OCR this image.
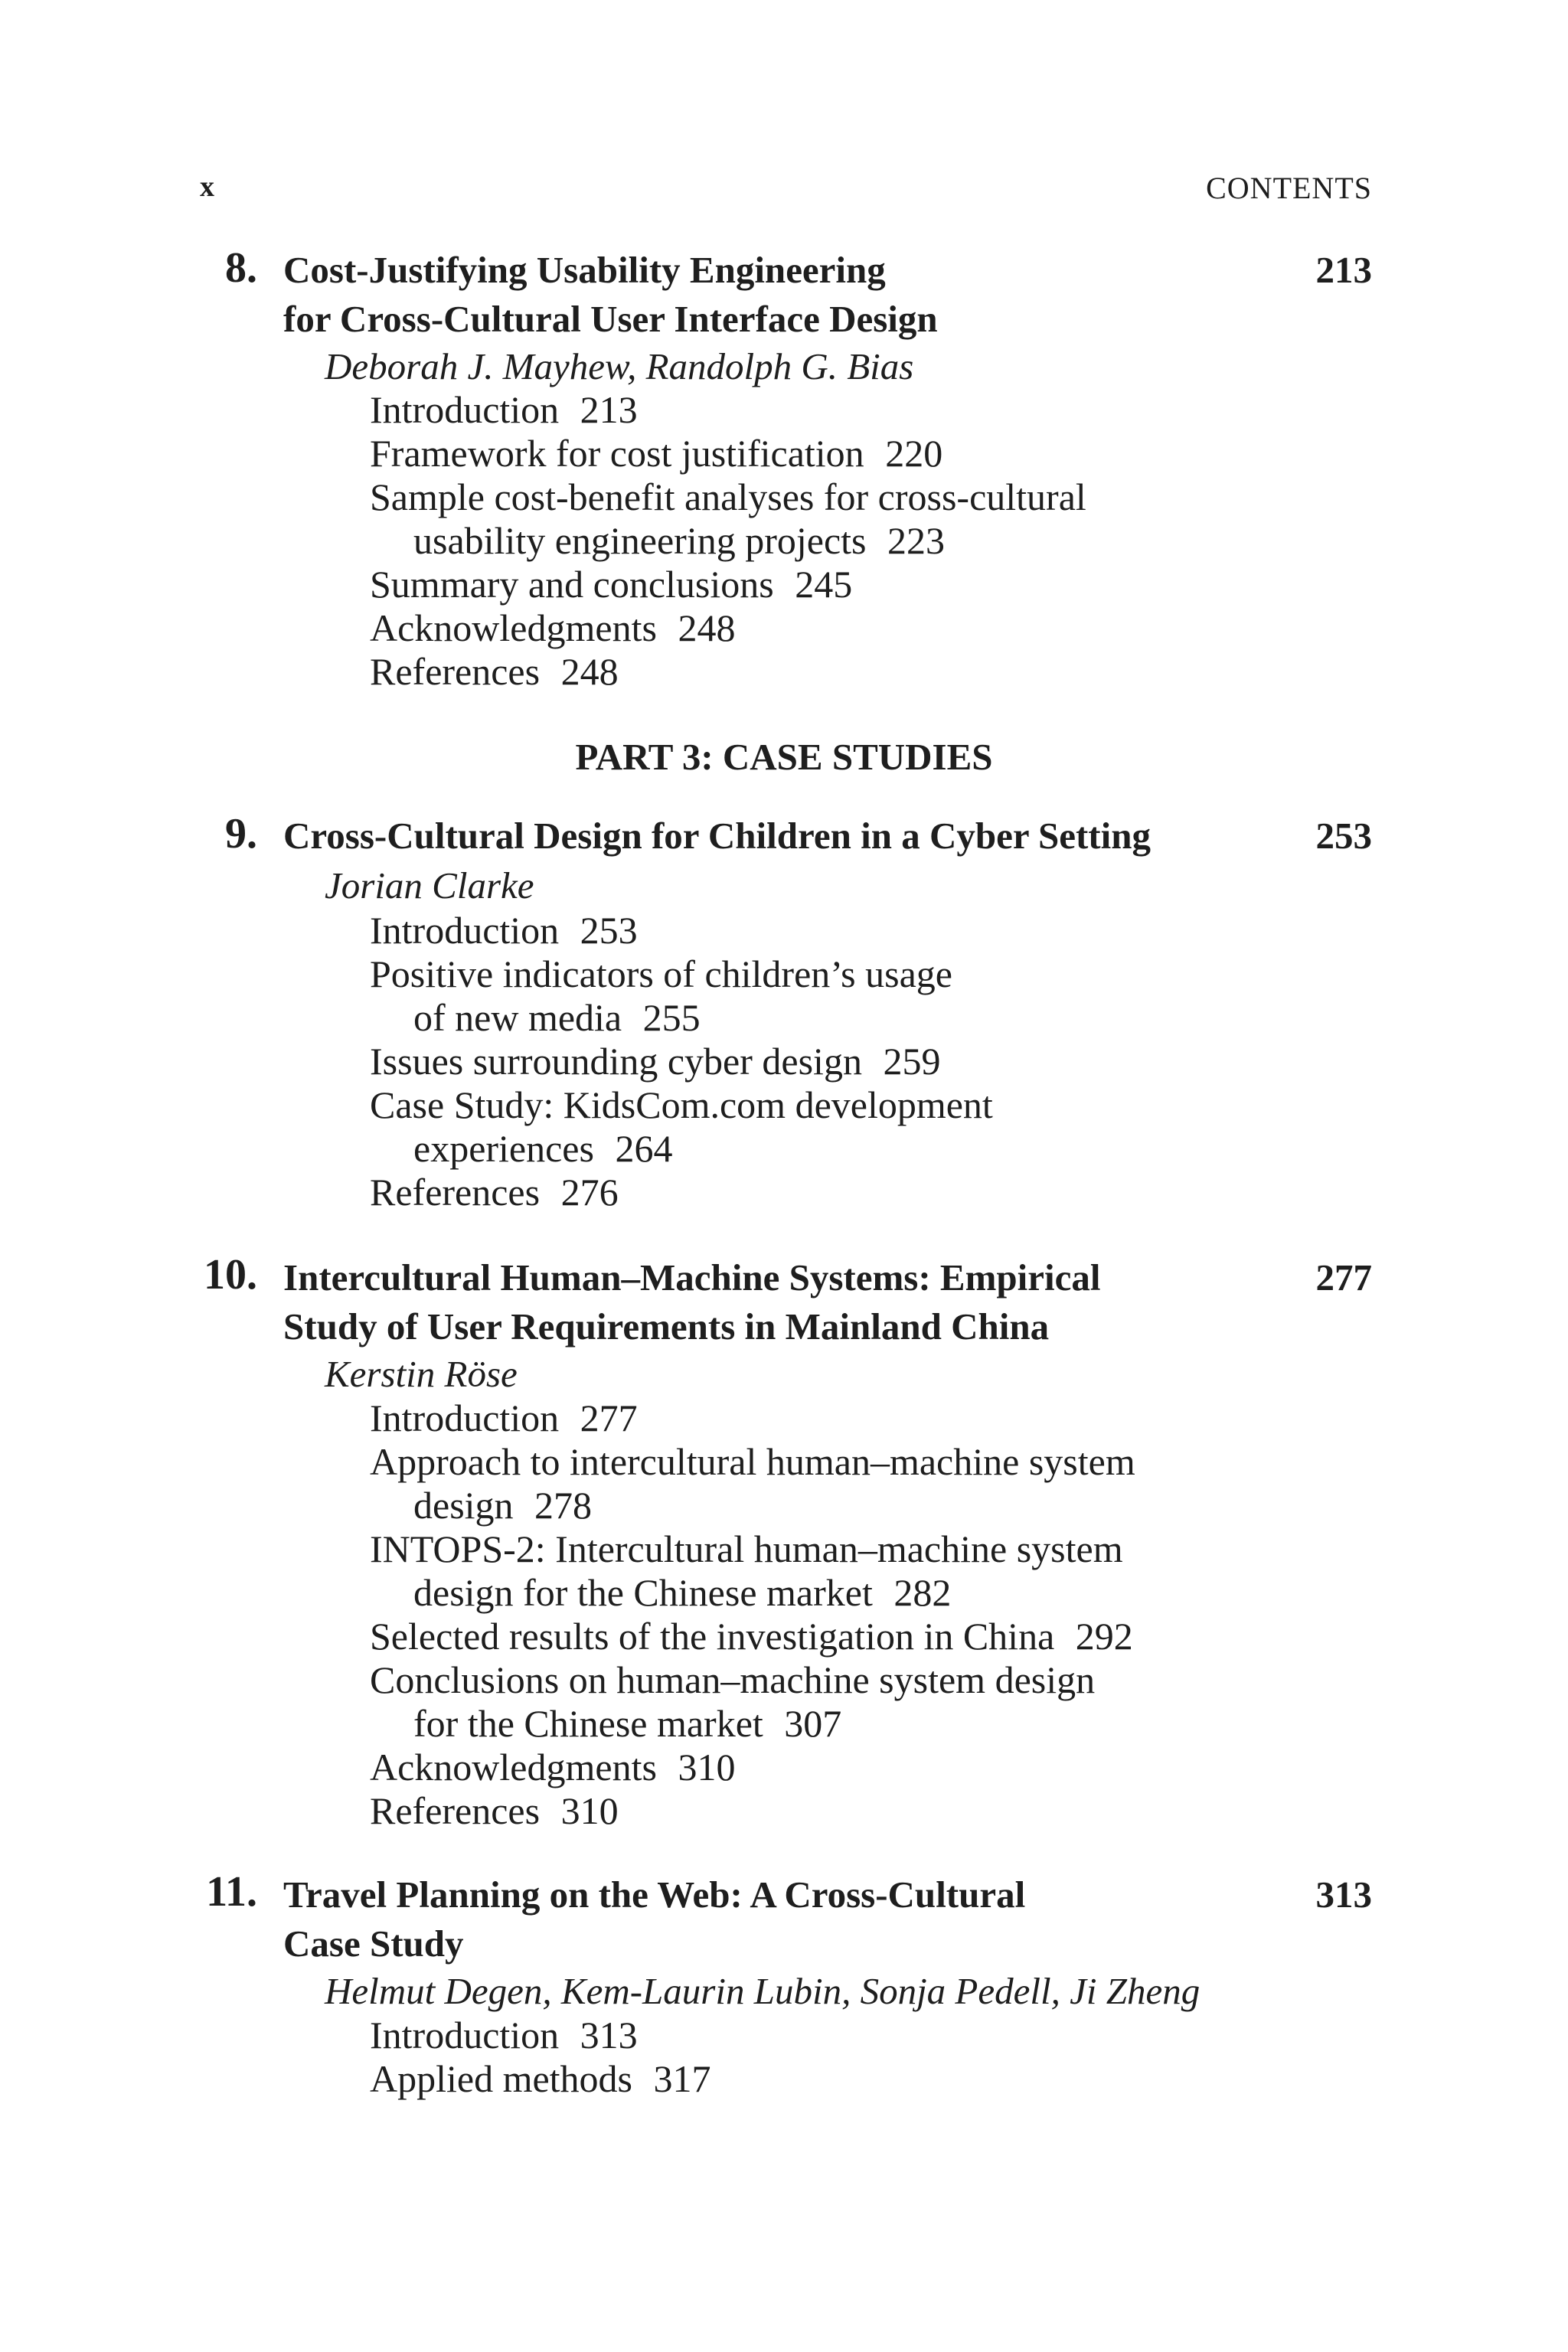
x	CONTENTS
8. Cost-Justifying Usability Engineering	213
for Cross-Cultural User Interface Design
Deborah J. Mayhew, Randolph G. Bias
Introduction 213
Framework for cost justification 220
Sample cost-benefit analyses for cross-cultural
usability engineering projects 223
Summary and conclusions 245
Acknowledgments 248
References 248
PART 3: CASE STUDIES
9. Cross-Cultural Design for Children in a Cyber Setting	253
Jorian Clarke
Introduction 253
Positive indicators of children’s usage
of new media 255
Issues surrounding cyber design 259
Case Study: KidsCom.com development
experiences 264
References 276
10. Intercultural Human–Machine Systems: Empirical	277
Study of User Requirements in Mainland China
Kerstin Röse
Introduction 277
Approach to intercultural human–machine system
design 278
INTOPS-2: Intercultural human–machine system
design for the Chinese market 282
Selected results of the investigation in China 292
Conclusions on human–machine system design
for the Chinese market 307
Acknowledgments 310
References 310
11. Travel Planning on the Web: A Cross-Cultural	313
Case Study
Helmut Degen, Kem-Laurin Lubin, Sonja Pedell, Ji Zheng
Introduction 313
Applied methods 317
